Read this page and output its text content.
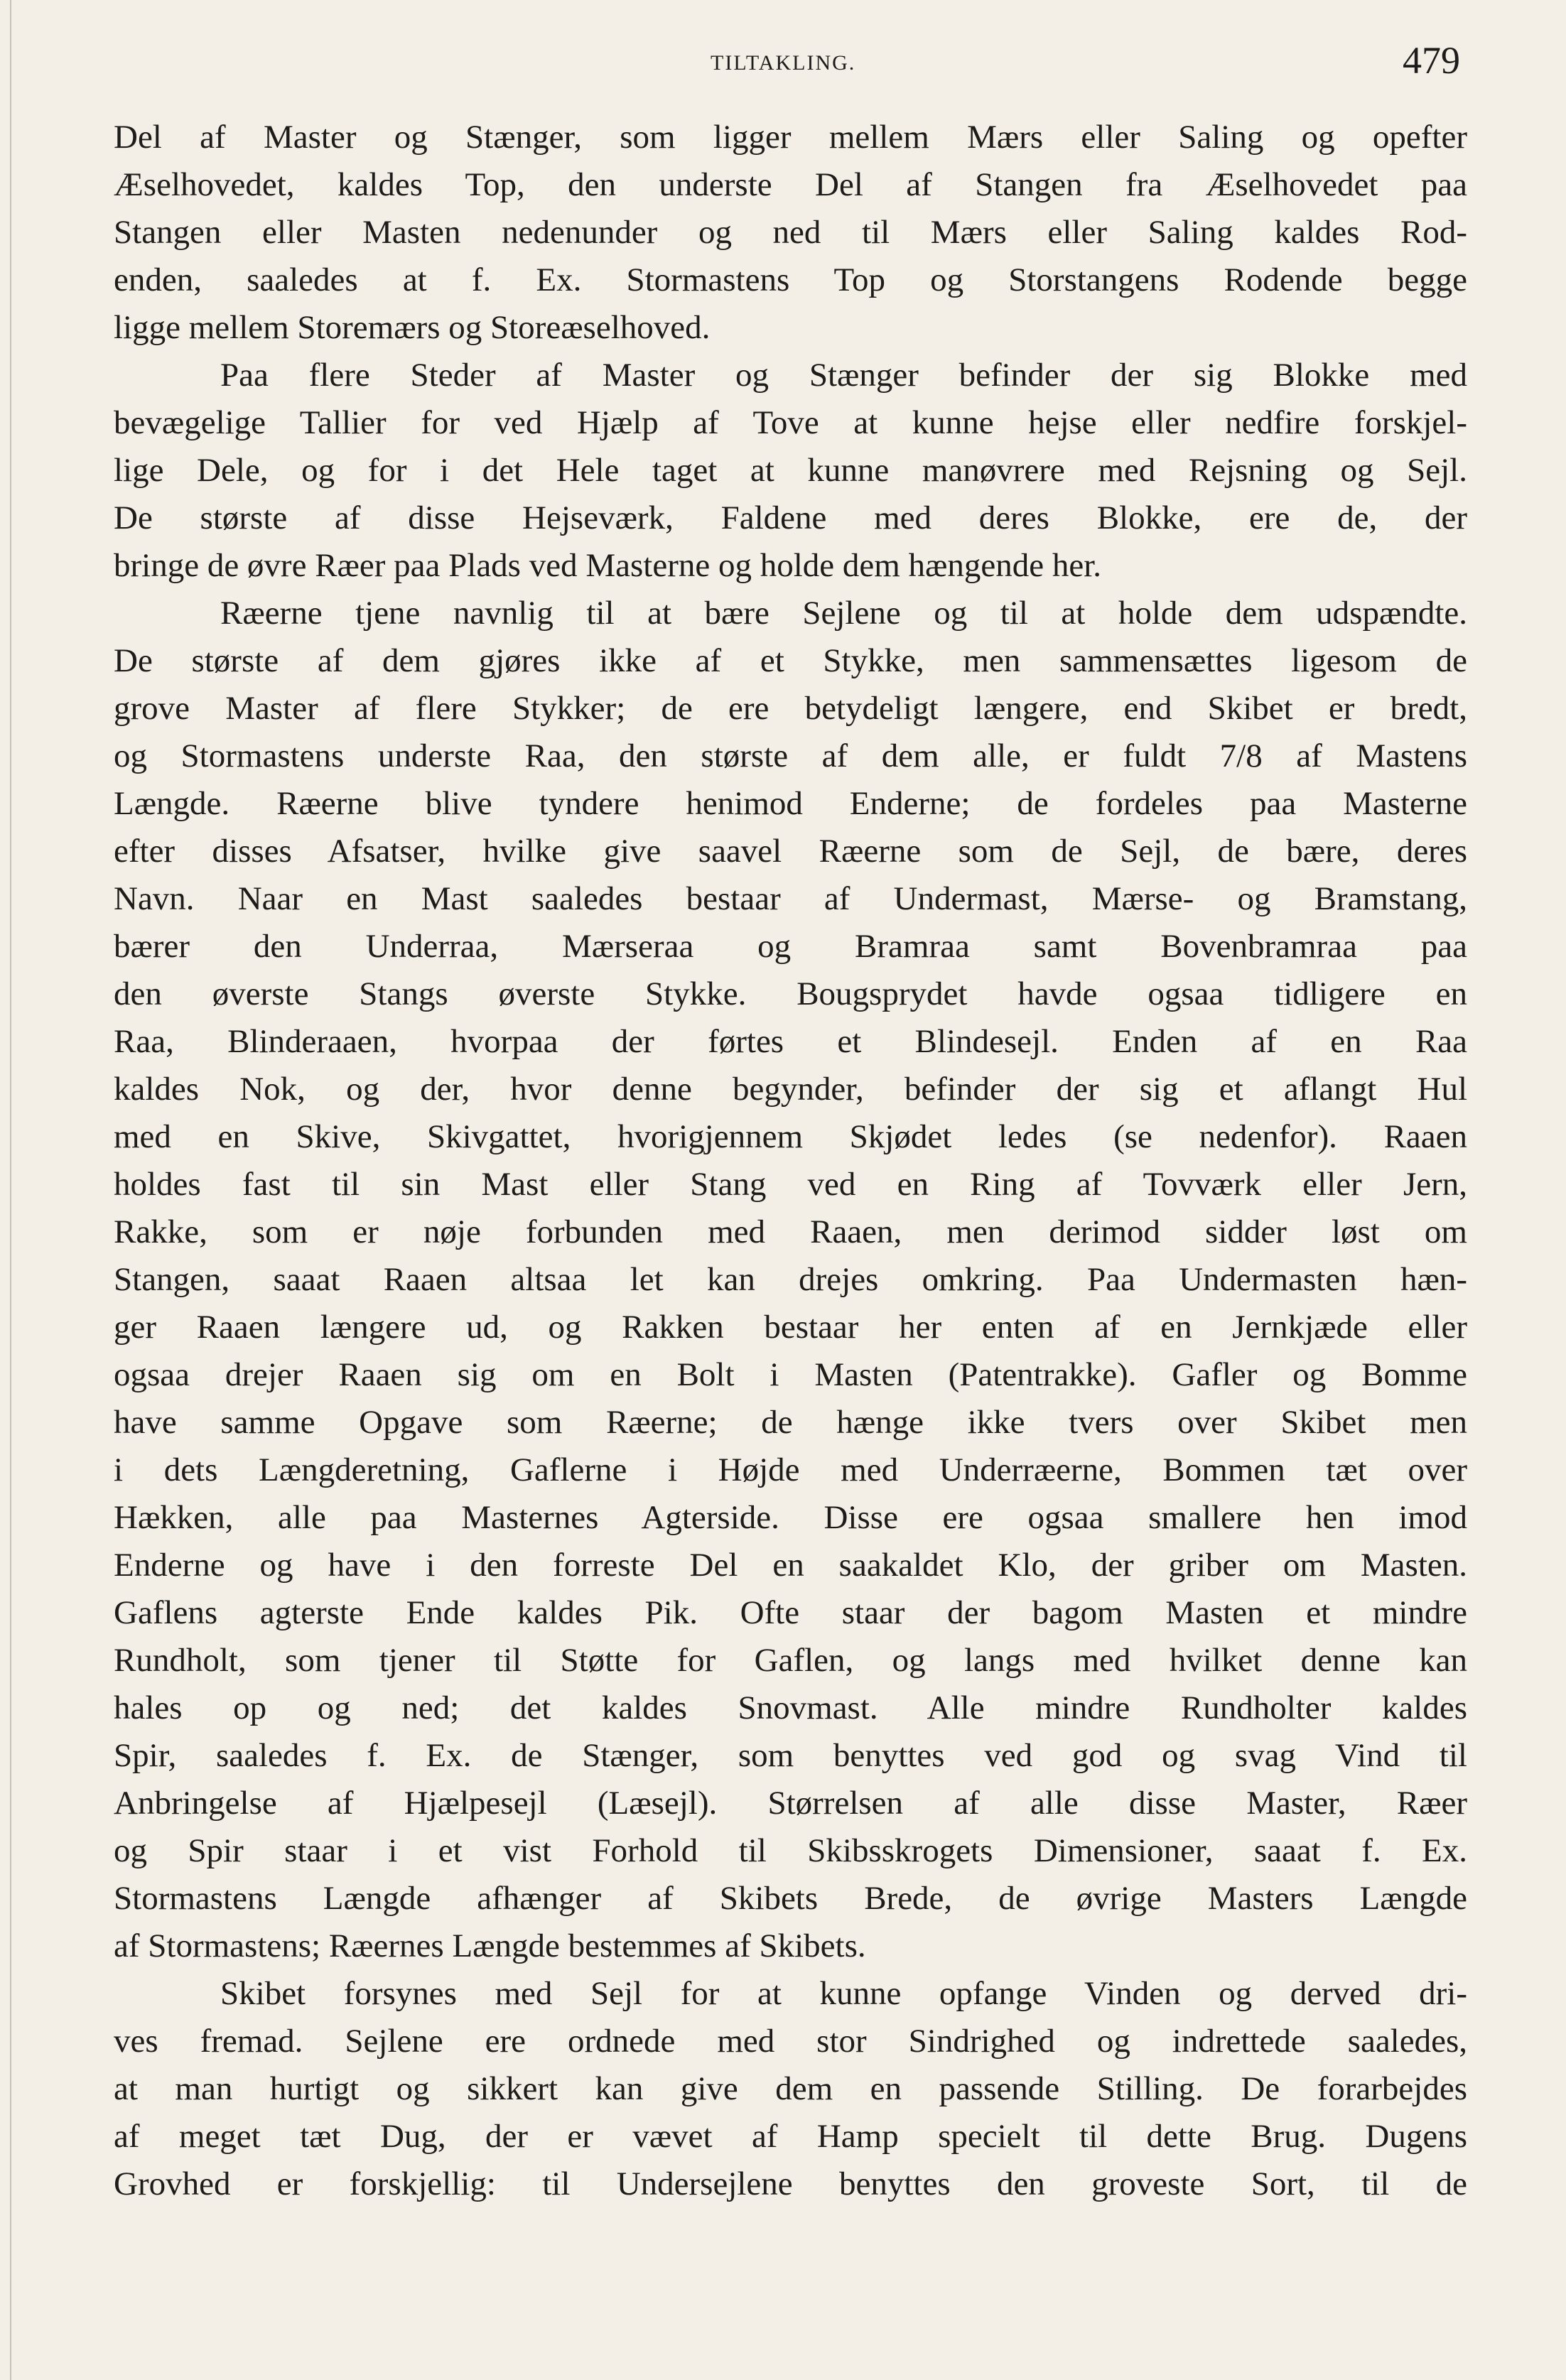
TILTAKLING.	479
Del af Master og Stænger, som ligger mellem Mærs eller Saling og opefter
Æselhovedet, kaldes Top, den underste Del af Stangen fra Æselhovedet paa
Stangen eller Masten nedenunder og ned til Mærs eller Saling kaldes Rod-
enden, saaledes at f. Ex. Stormastens Top og Storstangens Rodende begge
ligge mellem Storemærs og Storeæselhoved.
Paa flere Steder af Master og Stænger befinder der sig Blokke med
bevægelige Tallier for ved Hjælp af Tove at kunne hejse eller nedfire forskjel-
lige Dele, og for i det Hele taget at kunne manøvrere med Rejsning og Sejl.
De største af disse Hejseværk, Faldene med deres Blokke, ere de, der
bringe de øvre Ræer paa Plads ved Masterne og holde dem hængende her.
Ræerne tjene navnlig til at bære Sejlene og til at holde dem udspændte.
De største af dem gjøres ikke af et Stykke, men sammensættes ligesom de
grove Master af flere Stykker; de ere betydeligt længere, end Skibet er bredt,
og Stormastens underste Raa, den største af dem alle, er fuldt 7/8 af Mastens
Længde. Ræerne blive tyndere henimod Enderne; de fordeles paa Masterne
efter disses Afsatser, hvilke give saavel Ræerne som de Sejl, de bære, deres
Navn. Naar en Mast saaledes bestaar af Undermast, Mærse- og Bramstang,
bærer den Underraa, Mærseraa og Bramraa samt Bovenbramraa paa
den øverste Stangs øverste Stykke. Bougsprydet havde ogsaa tidligere en
Raa, Blinderaaen, hvorpaa der førtes et Blindesejl. Enden af en Raa
kaldes Nok, og der, hvor denne begynder, befinder der sig et aflangt Hul
med en Skive, Skivgattet, hvorigjennem Skjødet ledes (se nedenfor). Raaen
holdes fast til sin Mast eller Stang ved en Ring af Tovværk eller Jern,
Rakke, som er nøje forbunden med Raaen, men derimod sidder løst om
Stangen, saaat Raaen altsaa let kan drejes omkring. Paa Undermasten hæn-
ger Raaen længere ud, og Rakken bestaar her enten af en Jernkjæde eller
ogsaa drejer Raaen sig om en Bolt i Masten (Patentrakke). Gafler og Bomme
have samme Opgave som Ræerne; de hænge ikke tvers over Skibet men
i dets Længderetning, Gaflerne i Højde med Underræerne, Bommen tæt over
Hækken, alle paa Masternes Agterside. Disse ere ogsaa smallere hen imod
Enderne og have i den forreste Del en saakaldet Klo, der griber om Masten.
Gaflens agterste Ende kaldes Pik. Ofte staar der bagom Masten et mindre
Rundholt, som tjener til Støtte for Gaflen, og langs med hvilket denne kan
hales op og ned; det kaldes Snovmast. Alle mindre Rundholter kaldes
Spir, saaledes f. Ex. de Stænger, som benyttes ved god og svag Vind til
Anbringelse af Hjælpesejl (Læsejl). Størrelsen af alle disse Master, Ræer
og Spir staar i et vist Forhold til Skibsskrogets Dimensioner, saaat f. Ex.
Stormastens Længde afhænger af Skibets Brede, de øvrige Masters Længde
af Stormastens; Ræernes Længde bestemmes af Skibets.
Skibet forsynes med Sejl for at kunne opfange Vinden og derved dri-
ves fremad. Sejlene ere ordnede med stor Sindrighed og indrettede saaledes,
at man hurtigt og sikkert kan give dem en passende Stilling. De forarbejdes
af meget tæt Dug, der er vævet af Hamp specielt til dette Brug. Dugens
Grovhed er forskjellig: til Undersejlene benyttes den groveste Sort, til de
